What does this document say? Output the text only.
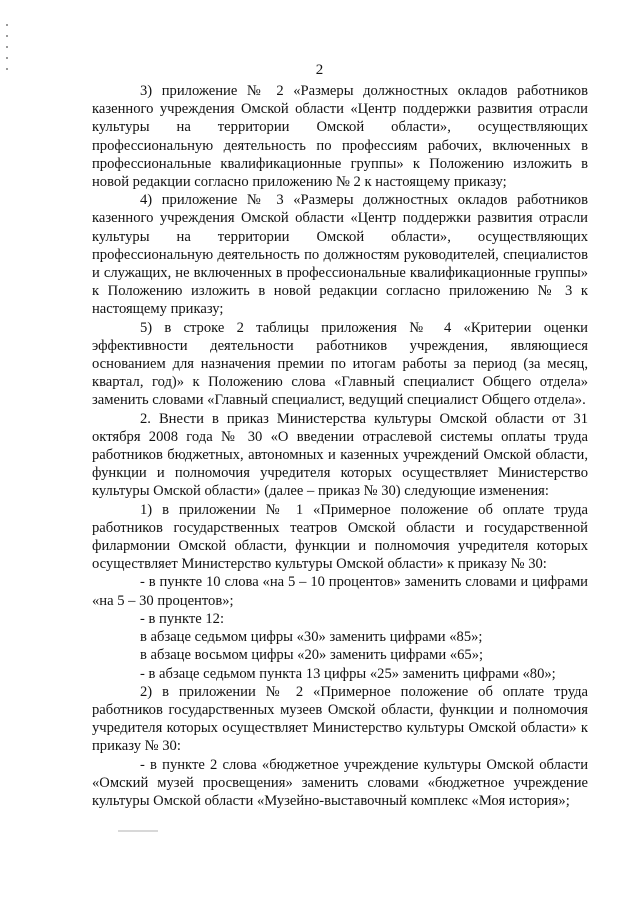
2

3) приложение № 2 «Размеры должностных окладов работников казенного учреждения Омской области «Центр поддержки развития отрасли культуры на территории Омской области», осуществляющих профессиональную деятельность по профессиям рабочих, включенных в профессиональные квалификационные группы» к Положению изложить в новой редакции согласно приложению № 2 к настоящему приказу;

4) приложение № 3 «Размеры должностных окладов работников казенного учреждения Омской области «Центр поддержки развития отрасли культуры на территории Омской области», осуществляющих профессиональную деятельность по должностям руководителей, специалистов и служащих, не включенных в профессиональные квалификационные группы» к Положению изложить в новой редакции согласно приложению № 3 к настоящему приказу;

5) в строке 2 таблицы приложения № 4 «Критерии оценки эффективности деятельности работников учреждения, являющиеся основанием для назначения премии по итогам работы за период (за месяц, квартал, год)» к Положению слова «Главный специалист Общего отдела» заменить словами «Главный специалист, ведущий специалист Общего отдела».

2. Внести в приказ Министерства культуры Омской области от 31 октября 2008 года № 30 «О введении отраслевой системы оплаты труда работников бюджетных, автономных и казенных учреждений Омской области, функции и полномочия учредителя которых осуществляет Министерство культуры Омской области» (далее – приказ № 30) следующие изменения:

1) в приложении № 1 «Примерное положение об оплате труда работников государственных театров Омской области и государственной филармонии Омской области, функции и полномочия учредителя которых осуществляет Министерство культуры Омской области» к приказу № 30:

- в пункте 10 слова «на 5 – 10 процентов» заменить словами и цифрами «на 5 – 30 процентов»;

- в пункте 12:

в абзаце седьмом цифры «30» заменить цифрами «85»;

в абзаце восьмом цифры «20» заменить цифрами «65»;

- в абзаце седьмом пункта 13 цифры «25» заменить цифрами «80»;

2) в приложении № 2 «Примерное положение об оплате труда работников государственных музеев Омской области, функции и полномочия учредителя которых осуществляет Министерство культуры Омской области» к приказу № 30:

- в пункте 2 слова «бюджетное учреждение культуры Омской области «Омский музей просвещения» заменить словами «бюджетное учреждение культуры Омской области «Музейно-выставочный комплекс «Моя история»;
